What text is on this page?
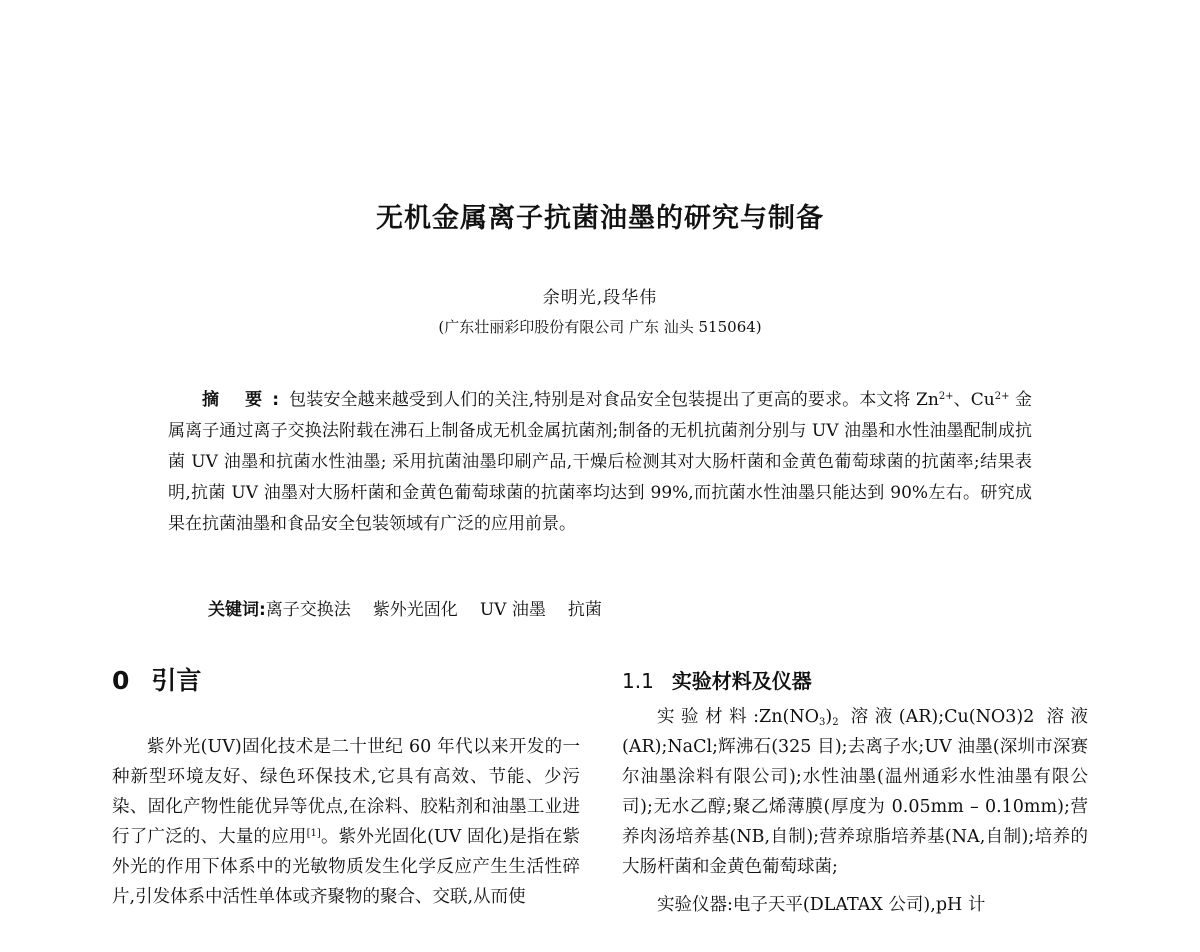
无机金属离子抗菌油墨的研究与制备
余明光,段华伟
(广东壮丽彩印股份有限公司 广东 汕头 515064)
摘 要:包装安全越来越受到人们的关注,特别是对食品安全包装提出了更高的要求。本文将 $Zn^{2+}$、$Cu^{2+}$ 金属离子通过离子交换法附载在沸石上制备成无机金属抗菌剂;制备的无机抗菌剂分别与 UV 油墨和水性油墨配制成抗菌 UV 油墨和抗菌水性油墨; 采用抗菌油墨印刷产品,干燥后检测其对大肠杆菌和金黄色葡萄球菌的抗菌率;结果表明,抗菌 UV 油墨对大肠杆菌和金黄色葡萄球菌的抗菌率均达到 99%,而抗菌水性油墨只能达到 90%左右。研究成果在抗菌油墨和食品安全包装领域有广泛的应用前景。
关键词:离子交换法 紫外光固化 UV 油墨 抗菌
0 引言

紫外光(UV)固化技术是二十世纪 60 年代以来开发的一种新型环境友好、绿色环保技术,它具有高效、节能、少污染、固化产物性能优异等优点,在涂料、胶粘剂和油墨工业进行了广泛的、大量的应用[1]。紫外光固化(UV 固化)是指在紫外光的作用下体系中的光敏物质发生化学反应产生生活性碎片,引发体系中活性单体或齐聚物的聚合、交联,从而使

1.1 实验材料及仪器

实验材料$:Zn(NO_3)_2$ 溶液(AR);Cu(NO3)2 溶液(AR);NaCl;辉沸石(325 目);去离子水;UV 油墨(深圳市深赛尔油墨涂料有限公司);水性油墨(温州通彩水性油墨有限公司);无水乙醇;聚乙烯薄膜(厚度为 0.05mm – 0.10mm);营养肉汤培养基(NB,自制);营养琼脂培养基(NA,自制);培养的大肠杆菌和金黄色葡萄球菌;

实验仪器:电子天平(DLATAX 公司),pH 计
